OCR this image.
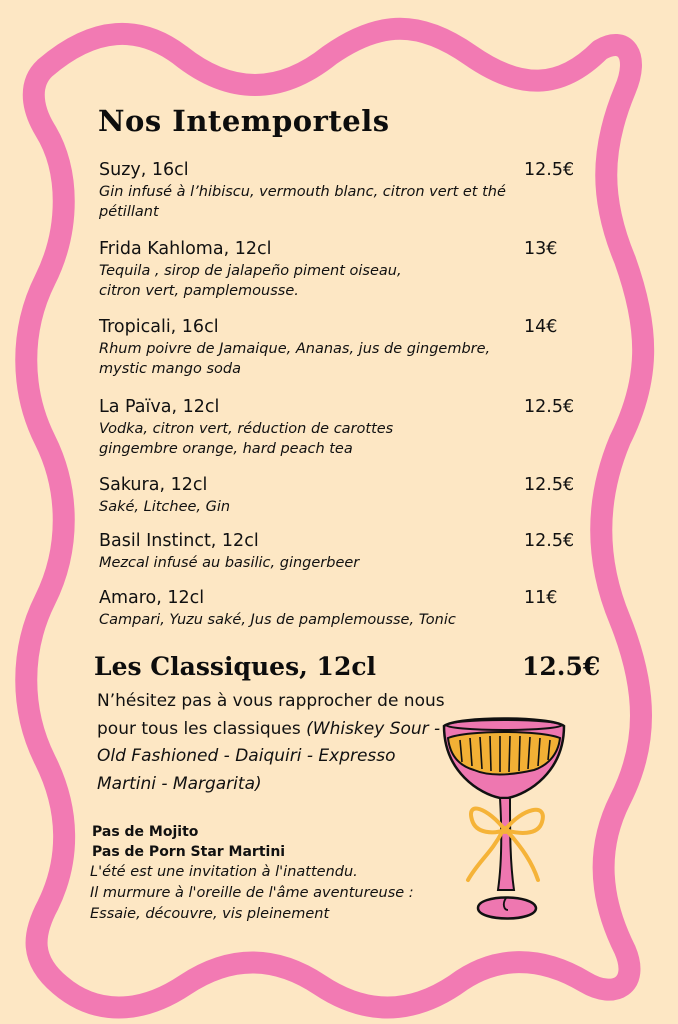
Nos Intemportels
Suzy, 16cl	12.5€
Gin infusé à l’hibiscu, vermouth blanc, citron vert et thé pétillant
Frida Kahloma, 12cl	13€
Tequila , sirop de jalapeño piment oiseau, citron vert, pamplemousse.
Tropicali, 16cl	14€
Rhum poivre de Jamaique, Ananas, jus de gingembre, mystic mango soda
La Païva, 12cl	12.5€
Vodka, citron vert, réduction de carottes gingembre orange, hard peach tea
Sakura, 12cl	12.5€
Saké, Litchee, Gin
Basil Instinct, 12cl	12.5€
Mezcal infusé au basilic, gingerbeer
Amaro, 12cl	11€
Campari, Yuzu saké, Jus de pamplemousse, Tonic
Les Classiques, 12cl	12.5€
N’hésitez pas à vous rapprocher de nous pour tous les classiques (Whiskey Sour - Old Fashioned - Daiquiri - Expresso Martini - Margarita)
Pas de Mojito
Pas de Porn Star Martini
L'été est une invitation à l'inattendu.
Il murmure à l'oreille de l'âme aventureuse :
Essaie, découvre, vis pleinement
